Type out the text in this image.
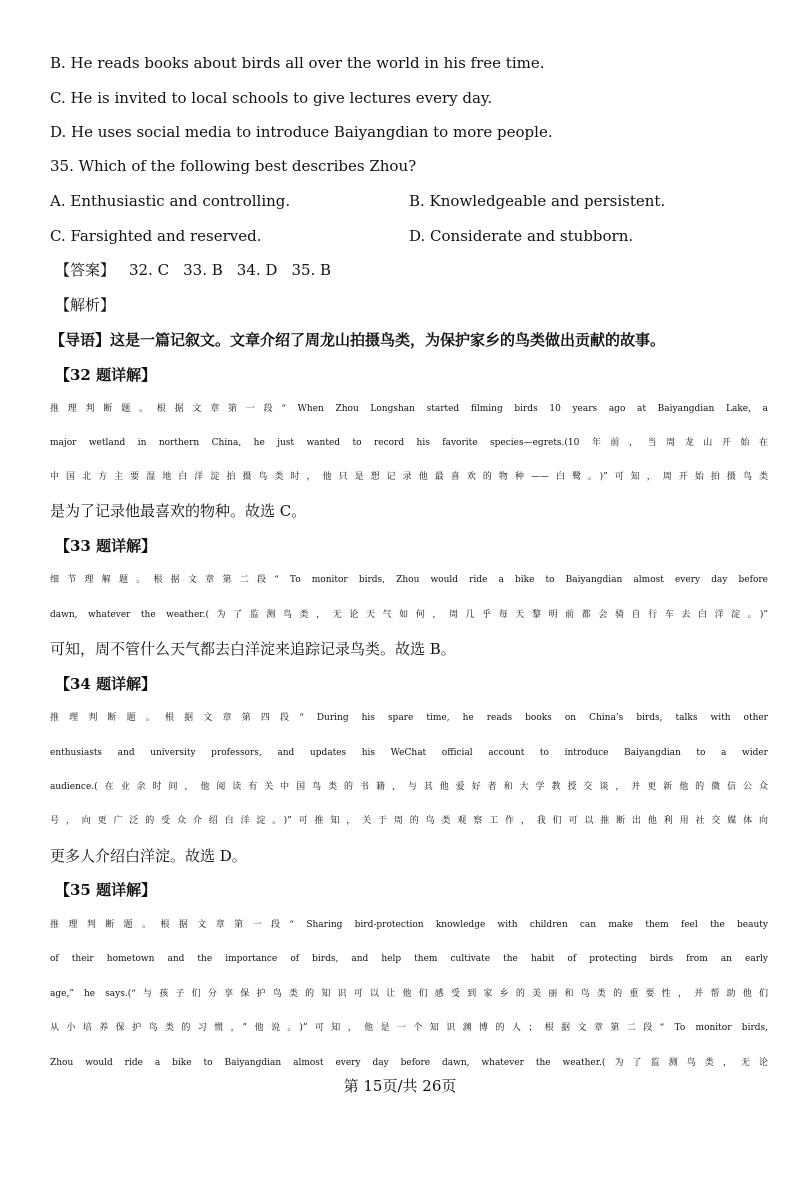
B. He reads books about birds all over the world in his free time.
C. He is invited to local schools to give lectures every day.
D. He uses social media to introduce Baiyangdian to more people.
35. Which of the following best describes Zhou?
A. Enthusiastic and controlling.	B. Knowledgeable and persistent.
C. Farsighted and reserved.	D. Considerate and stubborn.
【答案】 32. C 33. B 34. D 35. B
【解析】
【导语】这是一篇记叙文。文章介绍了周龙山拍摄鸟类，为保护家乡的鸟类做出贡献的故事。
【32 题详解】
推理判断题。根据文章第一段“ When Zhou Longshan started filming birds 10 years ago at Baiyangdian Lake, a
major wetland in northern China, he just wanted to record his favorite species—egrets.(10 年前，当周龙山开始在
中国北方主要湿地白洋淀拍摄鸟类时，他只是想记录他最喜欢的物种——白鹭。)”可知，周开始拍摄鸟类
是为了记录他最喜欢的物种。故选 C。
【33 题详解】
细节理解题。根据文章第二段“ To monitor birds, Zhou would ride a bike to Baiyangdian almost every day before
dawn, whatever the weather.(为了监测鸟类，无论天气如何，周几乎每天黎明前都会骑自行车去白洋淀。)”
可知，周不管什么天气都去白洋淀来追踪记录鸟类。故选 B。
【34 题详解】
推理判断题。根据文章第四段“ During his spare time, he reads books on China’s birds, talks with other
enthusiasts and university professors, and updates his WeChat official account to introduce Baiyangdian to a wider
audience.(在业余时间，他阅读有关中国鸟类的书籍，与其他爱好者和大学教授交谈，并更新他的微信公众
号，向更广泛的受众介绍白洋淀。)”可推知，关于周的鸟类观察工作，我们可以推断出他利用社交媒体向
更多人介绍白洋淀。故选 D。
【35 题详解】
推理判断题。根据文章第一段“ Sharing bird-protection knowledge with children can make them feel the beauty
of their hometown and the importance of birds, and help them cultivate the habit of protecting birds from an early
age,” he says.(“与孩子们分享保护鸟类的知识可以让他们感受到家乡的美丽和鸟类的重要性，并帮助他们
从小培养保护鸟类的习惯，”他说。)”可知，他是一个知识渊博的人；根据文章第二段“ To monitor birds,
Zhou would ride a bike to Baiyangdian almost every day before dawn, whatever the weather.(为了监测鸟类，无论
第 15页/共 26页
